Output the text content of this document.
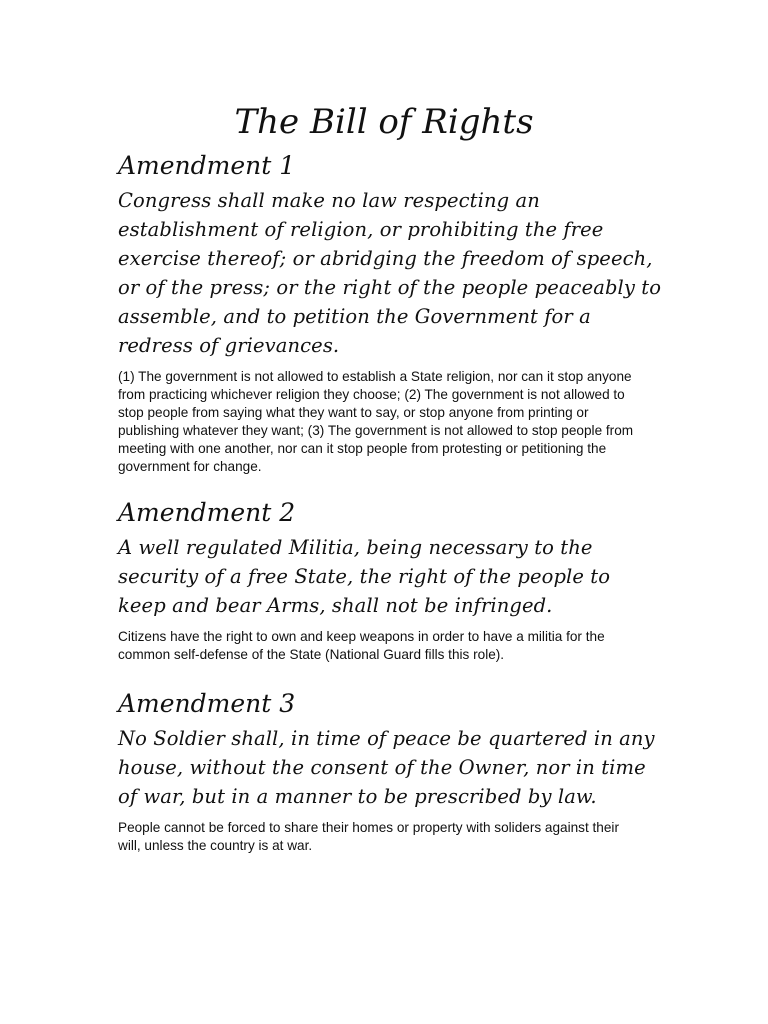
The Bill of Rights
Amendment 1

Congress shall make no law respecting an establishment of religion, or prohibiting the free exercise thereof; or abridging the freedom of speech, or of the press; or the right of the people peaceably to assemble, and to petition the Government for a redress of grievances.

(1) The government is not allowed to establish a State religion, nor can it stop anyone from practicing whichever religion they choose; (2) The government is not allowed to stop people from saying what they want to say, or stop anyone from printing or publishing whatever they want; (3) The government is not allowed to stop people from meeting with one another, nor can it stop people from protesting or petitioning the government for change.

Amendment 2

A well regulated Militia, being necessary to the security of a free State, the right of the people to keep and bear Arms, shall not be infringed.

Citizens have the right to own and keep weapons in order to have a militia for the common self-defense of the State (National Guard fills this role).

Amendment 3

No Soldier shall, in time of peace be quartered in any house, without the consent of the Owner, nor in time of war, but in a manner to be prescribed by law.

People cannot be forced to share their homes or property with soliders against their will, unless the country is at war.
